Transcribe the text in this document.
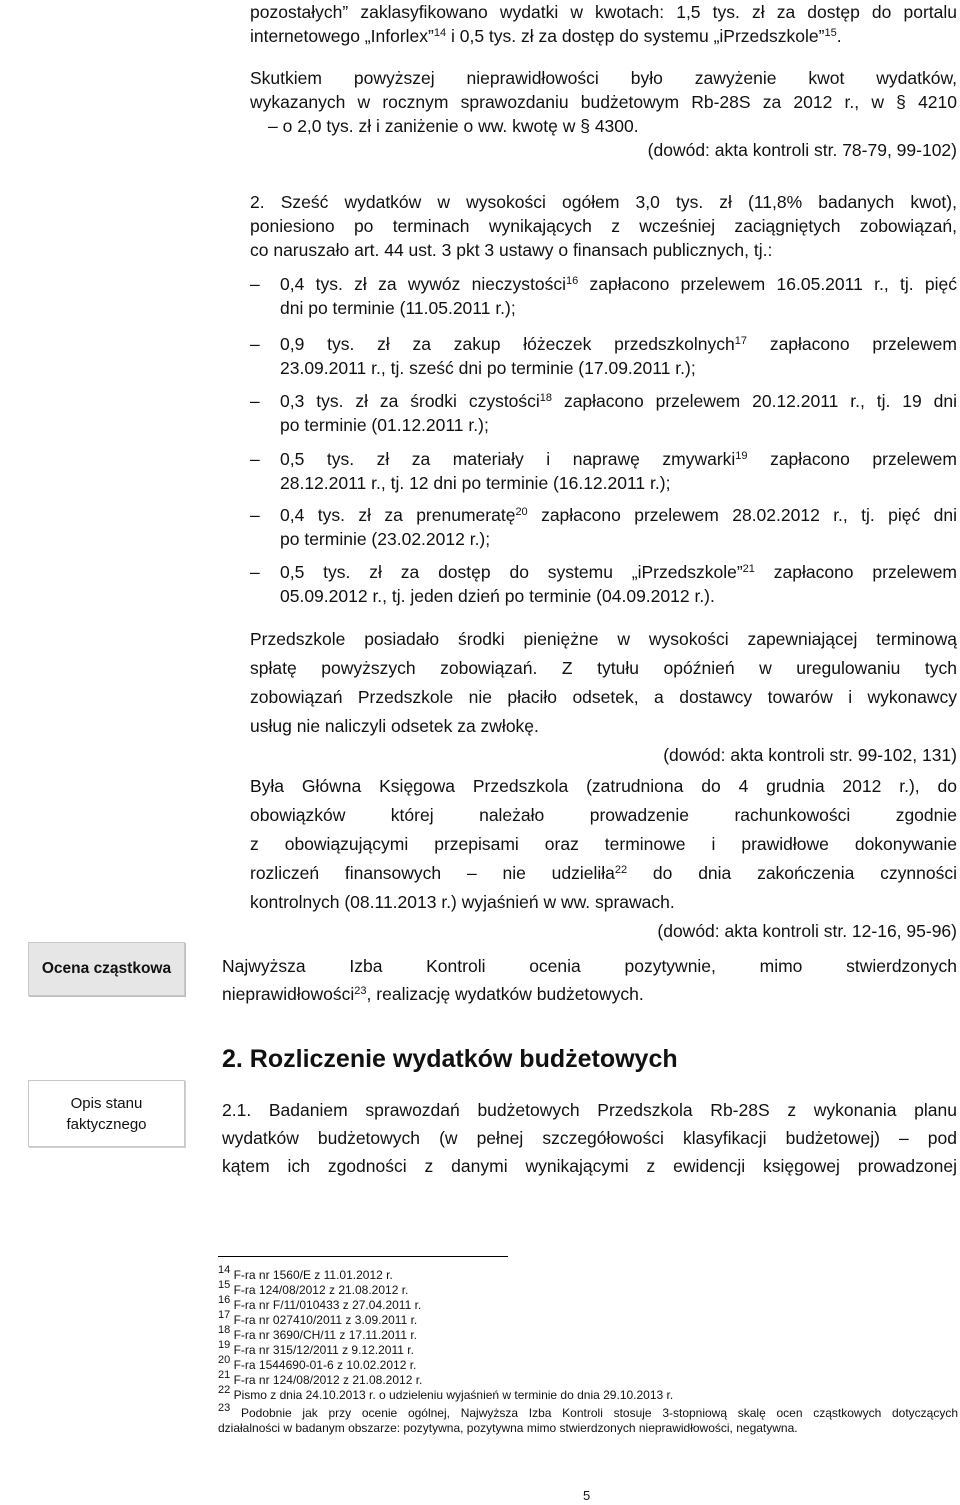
pozostałych” zaklasyfikowano wydatki w kwotach: 1,5 tys. zł za dostęp do portalu

internetowego „Inforlex”$^{14}$ i 0,5 tys. zł za dostęp do systemu „iPrzedszkole”$^{15}$.

Skutkiem powyższej nieprawidłowości było zawyżenie kwot wydatków,

wykazanych w rocznym sprawozdaniu budżetowym Rb-28S za 2012 r., w § 4210

– o 2,0 tys. zł i zaniżenie o ww. kwotę w § 4300.

(dowód: akta kontroli str. 78-79, 99-102)

2. Sześć wydatków w wysokości ogółem 3,0 tys. zł (11,8% badanych kwot),

poniesiono po terminach wynikających z wcześniej zaciągniętych zobowiązań,

co naruszało art. 44 ust. 3 pkt 3 ustawy o finansach publicznych, tj.:

– 0,4 tys. zł za wywóz nieczystości$^{16}$ zapłacono przelewem 16.05.2011 r., tj. pięć
dni po terminie (11.05.2011 r.);
– 0,9 tys. zł za zakup łóżeczek przedszkolnych$^{17}$ zapłacono przelewem
23.09.2011 r., tj. sześć dni po terminie (17.09.2011 r.);
– 0,3 tys. zł za środki czystości$^{18}$ zapłacono przelewem 20.12.2011 r., tj. 19 dni
po terminie (01.12.2011 r.);
– 0,5 tys. zł za materiały i naprawę zmywarki$^{19}$ zapłacono przelewem
28.12.2011 r., tj. 12 dni po terminie (16.12.2011 r.);
– 0,4 tys. zł za prenumeratę$^{20}$ zapłacono przelewem 28.02.2012 r., tj. pięć dni
po terminie (23.02.2012 r.);
– 0,5 tys. zł za dostęp do systemu „iPrzedszkole”$^{21}$ zapłacono przelewem
05.09.2012 r., tj. jeden dzień po terminie (04.09.2012 r.).

Przedszkole posiadało środki pieniężne w wysokości zapewniającej terminową

spłatę powyższych zobowiązań. Z tytułu opóźnień w uregulowaniu tych

zobowiązań Przedszkole nie płaciło odsetek, a dostawcy towarów i wykonawcy

usług nie naliczyli odsetek za zwłokę.

(dowód: akta kontroli str. 99-102, 131)

Była Główna Księgowa Przedszkola (zatrudniona do 4 grudnia 2012 r.), do

obowiązków której należało prowadzenie rachunkowości zgodnie

z obowiązującymi przepisami oraz terminowe i prawidłowe dokonywanie

rozliczeń finansowych – nie udzieliła$^{22}$ do dnia zakończenia czynności

kontrolnych (08.11.2013 r.) wyjaśnień w ww. sprawach.

(dowód: akta kontroli str. 12-16, 95-96)

Ocena cząstkowa	Najwyższa Izba Kontroli ocenia pozytywnie, mimo stwierdzonych

nieprawidłowości$^{23}$, realizację wydatków budżetowych.

2. Rozliczenie wydatków budżetowych
Opis stanu
faktycznego

2.1. Badaniem sprawozdań budżetowych Przedszkola Rb-28S z wykonania planu

wydatków budżetowych (w pełnej szczegółowości klasyfikacji budżetowej) – pod

kątem ich zgodności z danymi wynikającymi z ewidencji księgowej prowadzonej

$^{14}$ F-ra nr 1560/E z 11.01.2012 r.
$^{15}$ F-ra 124/08/2012 z 21.08.2012 r.
$^{16}$ F-ra nr F/11/010433 z 27.04.2011 r.
$^{17}$ F-ra nr 027410/2011 z 3.09.2011 r.
$^{18}$ F-ra nr 3690/CH/11 z 17.11.2011 r.
$^{19}$ F-ra nr 315/12/2011 z 9.12.2011 r.
$^{20}$ F-ra 1544690-01-6 z 10.02.2012 r.
$^{21}$ F-ra nr 124/08/2012 z 21.08.2012 r.
$^{22}$ Pismo z dnia 24.10.2013 r. o udzieleniu wyjaśnień w terminie do dnia 29.10.2013 r.
$^{23}$ Podobnie jak przy ocenie ogólnej, Najwyższa Izba Kontroli stosuje 3-stopniową skalę ocen cząstkowych dotyczących
działalności w badanym obszarze: pozytywna, pozytywna mimo stwierdzonych nieprawidłowości, negatywna.
5
